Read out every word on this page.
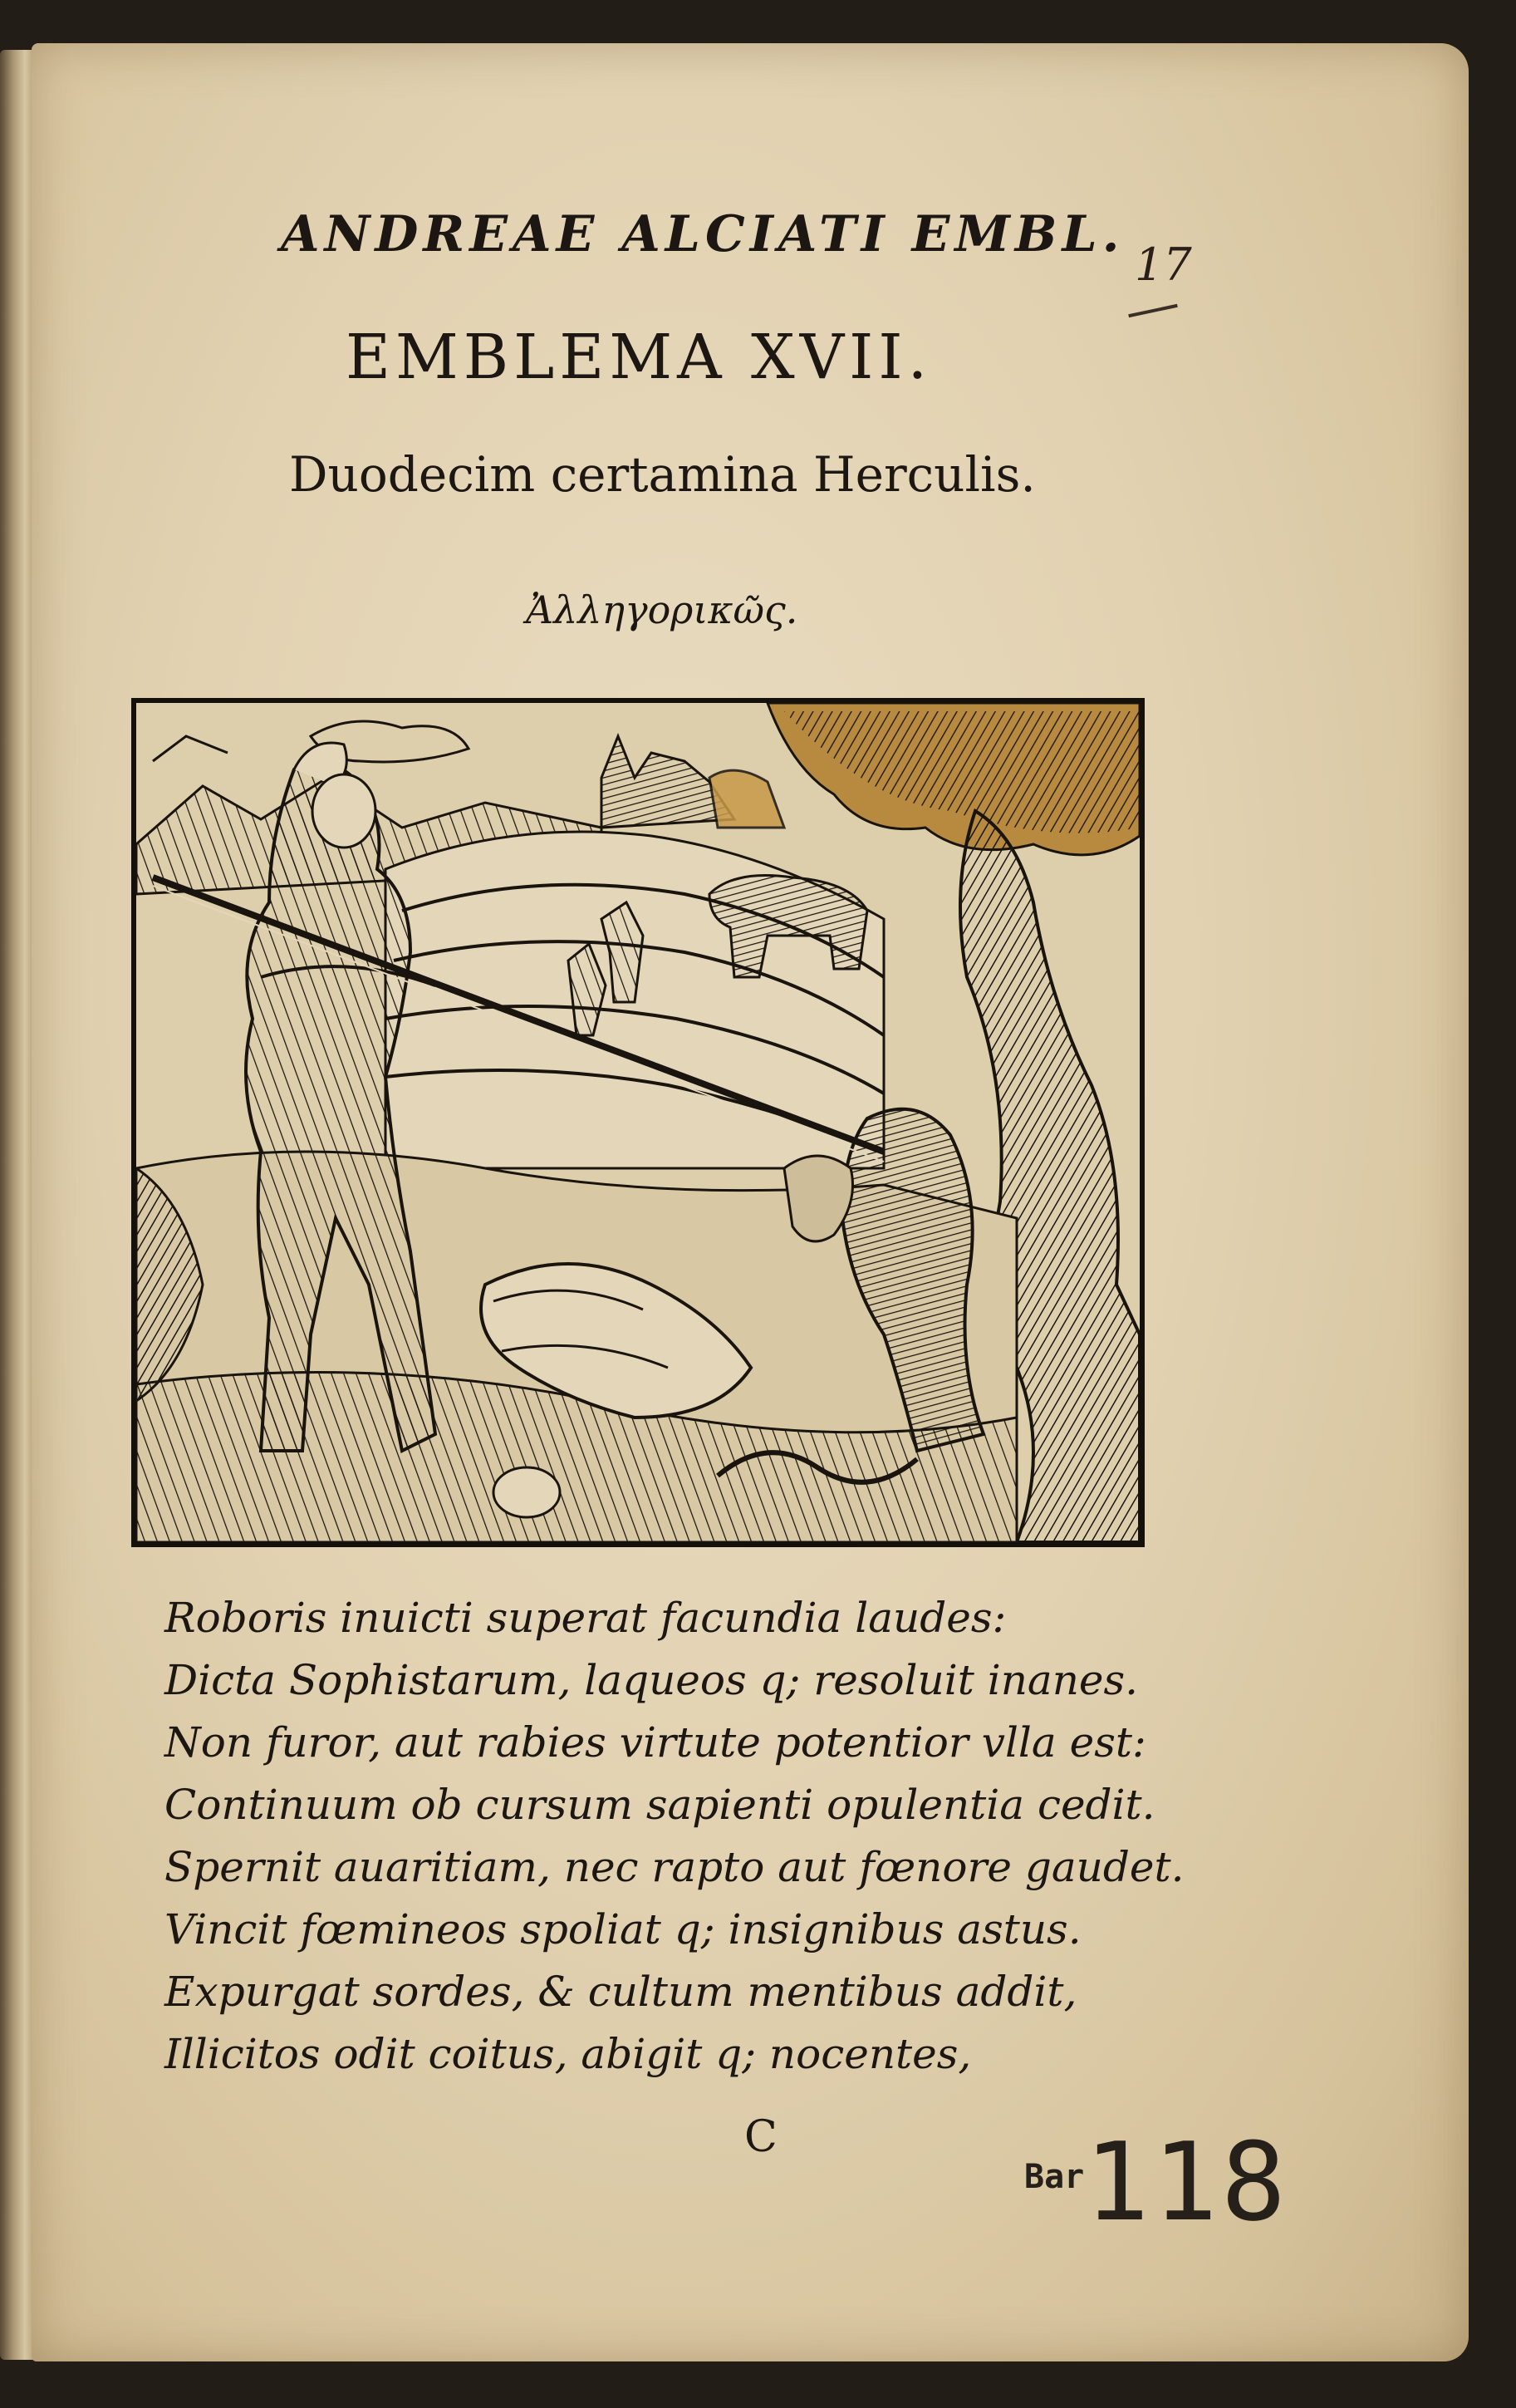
ANDREAE ALCIATI EMBL.
17
EMBLEMA XVII.
Duodecim certamina Herculis.
Ἀλληγορικῶς.
Roboris inuicti superat facundia laudes:
Dicta Sophistarum, laqueos q; resoluit inanes.
Non furor, aut rabies virtute potentior vlla est:
Continuum ob cursum sapienti opulentia cedit.
Spernit auaritiam, nec rapto aut fœnore gaudet.
Vincit fœmineos spoliat q; insignibus astus.
Expurgat sordes, & cultum mentibus addit,
Illicitos odit coitus, abigit q; nocentes,
C
Bar118
